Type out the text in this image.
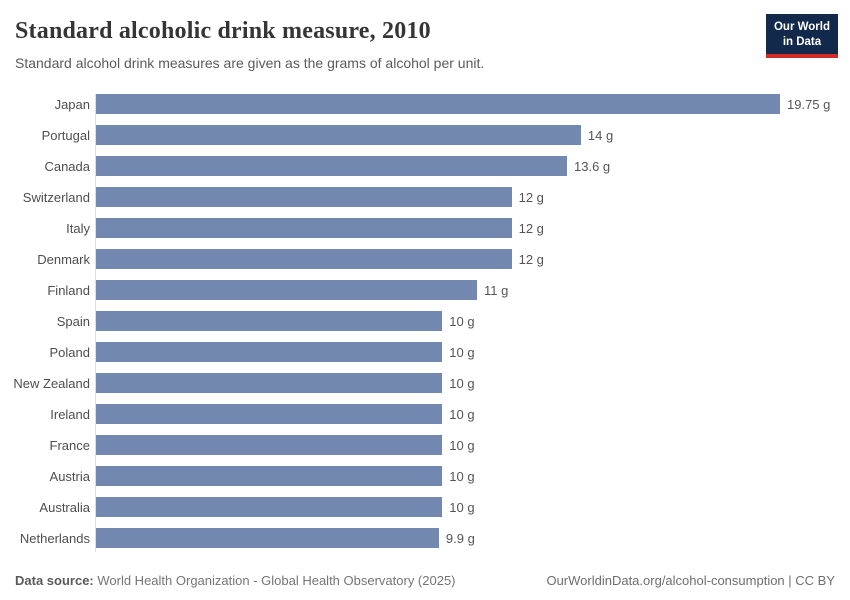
Standard alcoholic drink measure, 2010
Standard alcohol drink measures are given as the grams of alcohol per unit.
Our World
in Data
Japan	19.75 g
Portugal	14 g
Canada	13.6 g
Switzerland	12 g
Italy	12 g
Denmark	12 g
Finland	11 g
Spain	10 g
Poland	10 g
New Zealand	10 g
Ireland	10 g
France	10 g
Austria	10 g
Australia	10 g
Netherlands	9.9 g
Data source: World Health Organization - Global Health Observatory (2025)	OurWorldinData.org/alcohol-consumption | CC BY
